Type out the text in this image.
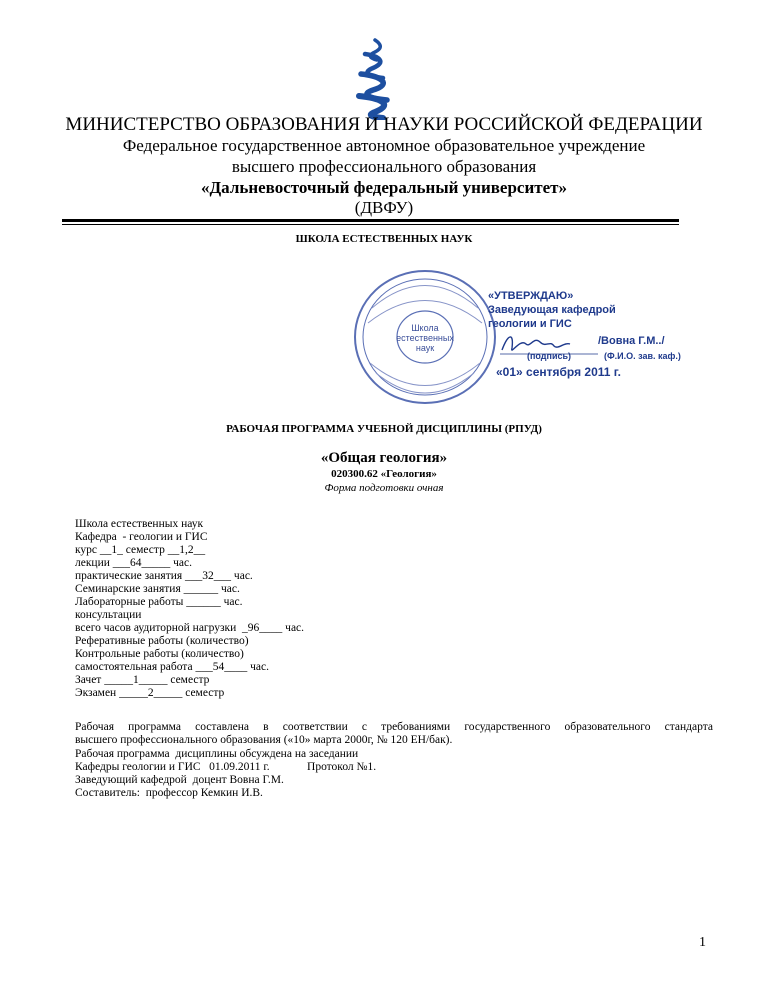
МИНИСТЕРСТВО ОБРАЗОВАНИЯ И НАУКИ РОССИЙСКОЙ ФЕДЕРАЦИИ
Федеральное государственное автономное образовательное учреждение
высшего профессионального образования
«Дальневосточный федеральный университет»
(ДВФУ)
ШКОЛА ЕСТЕСТВЕННЫХ НАУК
Школа
естественных
наук
«УТВЕРЖДАЮ»
Заведующая кафедрой
геологии и ГИС
/Вовна Г.М../
(подпись)	(Ф.И.О. зав. каф.)
«01» сентября 2011 г.
РАБОЧАЯ ПРОГРАММА УЧЕБНОЙ ДИСЦИПЛИНЫ (РПУД)
«Общая геология»
020300.62 «Геология»
Форма подготовки очная
Школа естественных наук
Кафедра  - геологии и ГИС
курс __1_ семестр __1,2__
лекции ___64_____ час.
практические занятия ___32___ час.
Семинарские занятия ______ час.
Лабораторные работы ______ час.
консультации
всего часов аудиторной нагрузки  _96____ час.
Реферативные работы (количество)
Контрольные работы (количество)
самостоятельная работа ___54____ час.
Зачет _____1_____ семестр
Экзамен _____2_____ семестр
Рабочая программа составлена в соответствии с требованиями государственного образовательного стандарта
высшего профессионального образования («10» марта 2000г, № 120 ЕН/бак).
Рабочая программа  дисциплины обсуждена на заседании
Кафедры геологии и ГИС   01.09.2011 г.             Протокол №1.
Заведующий кафедрой  доцент Вовна Г.М.
Составитель:  профессор Кемкин И.В.
1
